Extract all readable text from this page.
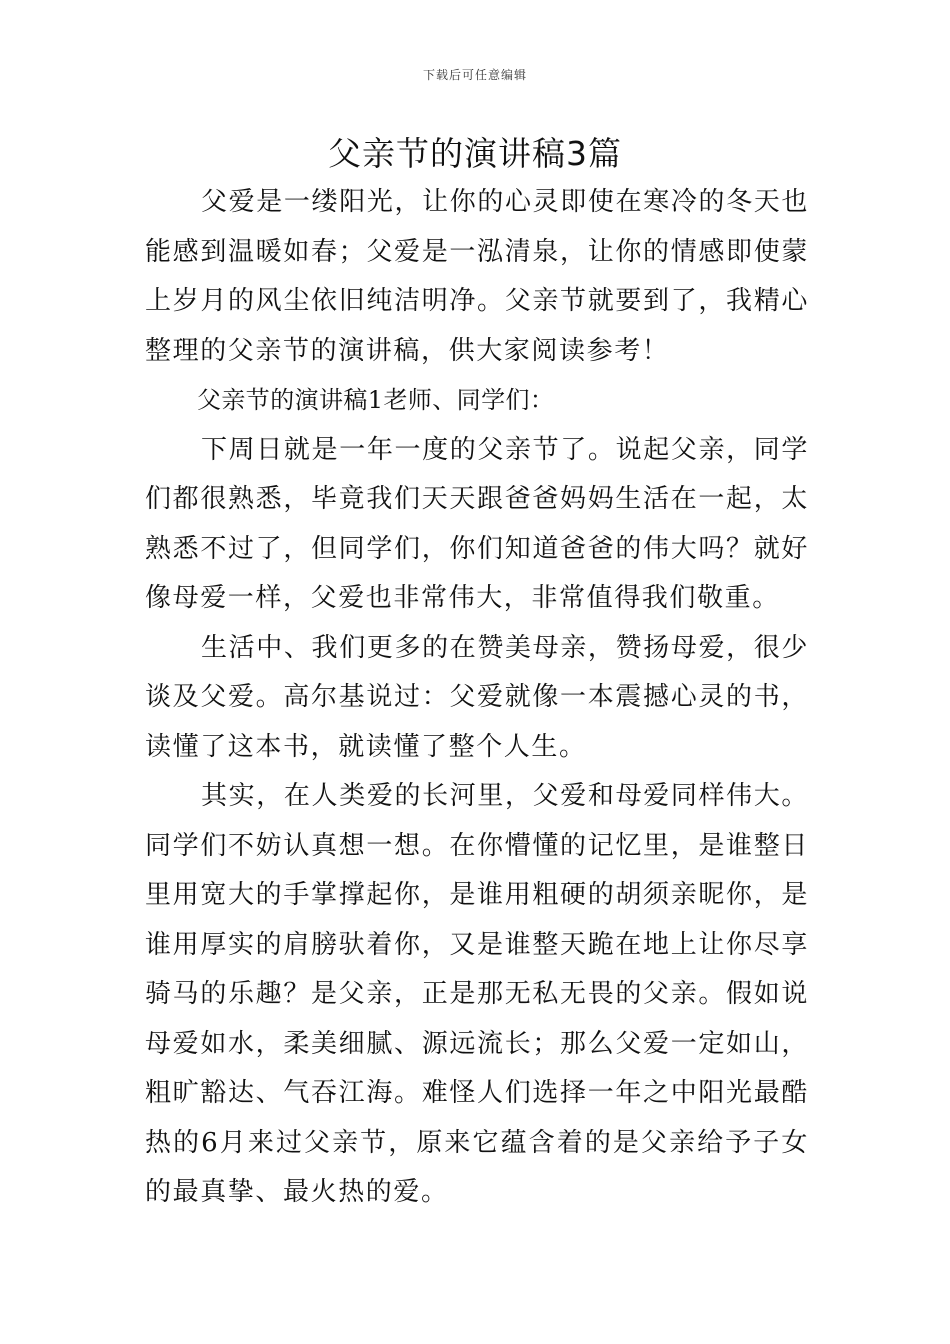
下载后可任意编辑
父亲节的演讲稿3篇

父爱是一缕阳光，让你的心灵即使在寒冷的冬天也能感到温暖如春；父爱是一泓清泉，让你的情感即使蒙上岁月的风尘依旧纯洁明净。父亲节就要到了，我精心整理的父亲节的演讲稿，供大家阅读参考！

父亲节的演讲稿1老师、同学们：

下周日就是一年一度的父亲节了。说起父亲，同学们都很熟悉，毕竟我们天天跟爸爸妈妈生活在一起，太熟悉不过了，但同学们，你们知道爸爸的伟大吗？就好像母爱一样，父爱也非常伟大，非常值得我们敬重。

生活中、我们更多的在赞美母亲，赞扬母爱，很少谈及父爱。高尔基说过：父爱就像一本震撼心灵的书，读懂了这本书，就读懂了整个人生。

其实，在人类爱的长河里，父爱和母爱同样伟大。同学们不妨认真想一想。在你懵懂的记忆里，是谁整日里用宽大的手掌撑起你，是谁用粗硬的胡须亲昵你，是谁用厚实的肩膀驮着你，又是谁整天跪在地上让你尽享骑马的乐趣？是父亲，正是那无私无畏的父亲。假如说母爱如水，柔美细腻、源远流长；那么父爱一定如山，粗旷豁达、气吞江海。难怪人们选择一年之中阳光最酷热的6月来过父亲节，原来它蕴含着的是父亲给予子女的最真挚、最火热的爱。
